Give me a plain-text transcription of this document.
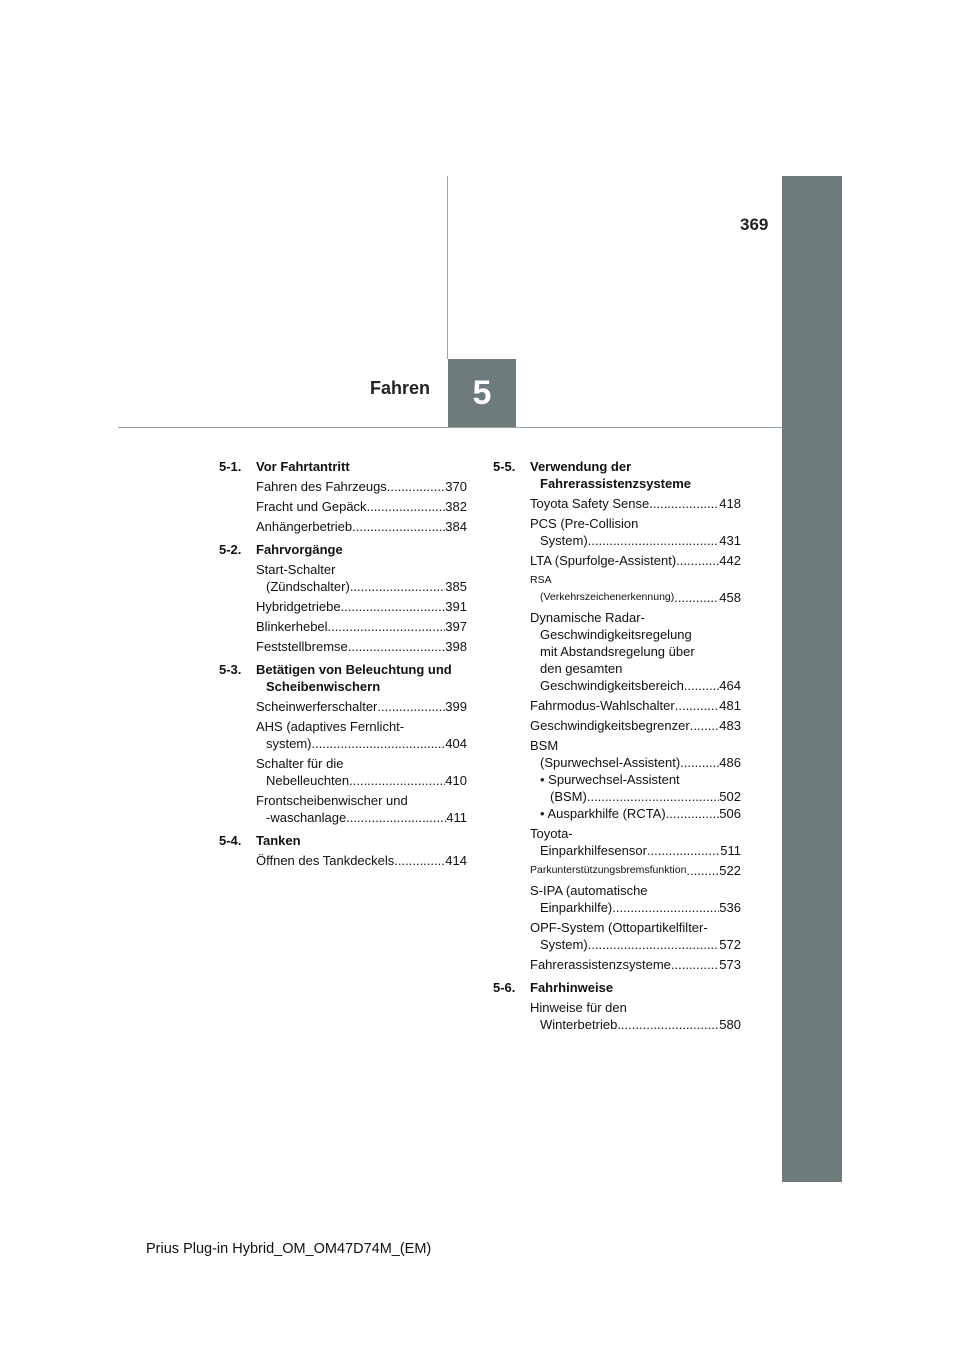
5
Fahren
369
5-1.	Vor Fahrtantritt
Fahren des Fahrzeugs .....	370
Fracht und Gepäck .....	382
Anhängerbetrieb .....	384
5-2.	Fahrvorgänge
Start-Schalter
(Zündschalter) .....	385
Hybridgetriebe .....	391
Blinkerhebel .....	397
Feststellbremse .....	398
5-3.	Betätigen von Beleuchtung und Scheibenwischern
Scheinwerferschalter .....	399
AHS (adaptives Fernlicht-
system) .....	404
Schalter für die
Nebelleuchten .....	410
Frontscheibenwischer und
-waschanlage .....	411
5-4.	Tanken
Öffnen des Tankdeckels .....	414
5-5.	Verwendung der Fahrerassistenzsysteme
Toyota Safety Sense .....	418
PCS (Pre-Collision
System) .....	431
LTA (Spurfolge-Assistent) .....	442
RSA
(Verkehrszeichenerkennung) .....	458
Dynamische Radar-
Geschwindigkeitsregelung
mit Abstandsregelung über
den gesamten
Geschwindigkeitsbereich .....	464
Fahrmodus-Wahlschalter .....	481
Geschwindigkeitsbegrenzer ..... 483
BSM
(Spurwechsel-Assistent) .....	486
• Spurwechsel-Assistent
(BSM) .....	502
• Ausparkhilfe (RCTA) .....	506
Toyota-
Einparkhilfesensor .....	511
Parkunterstützungsbremsfunktion .....	522
S-IPA (automatische
Einparkhilfe) .....	536
OPF-System (Ottopartikelfilter-
System) .....	572
Fahrerassistenzsysteme .....	573
5-6.	Fahrhinweise
Hinweise für den
Winterbetrieb .....	580
Prius Plug-in Hybrid_OM_OM47D74M_(EM)
